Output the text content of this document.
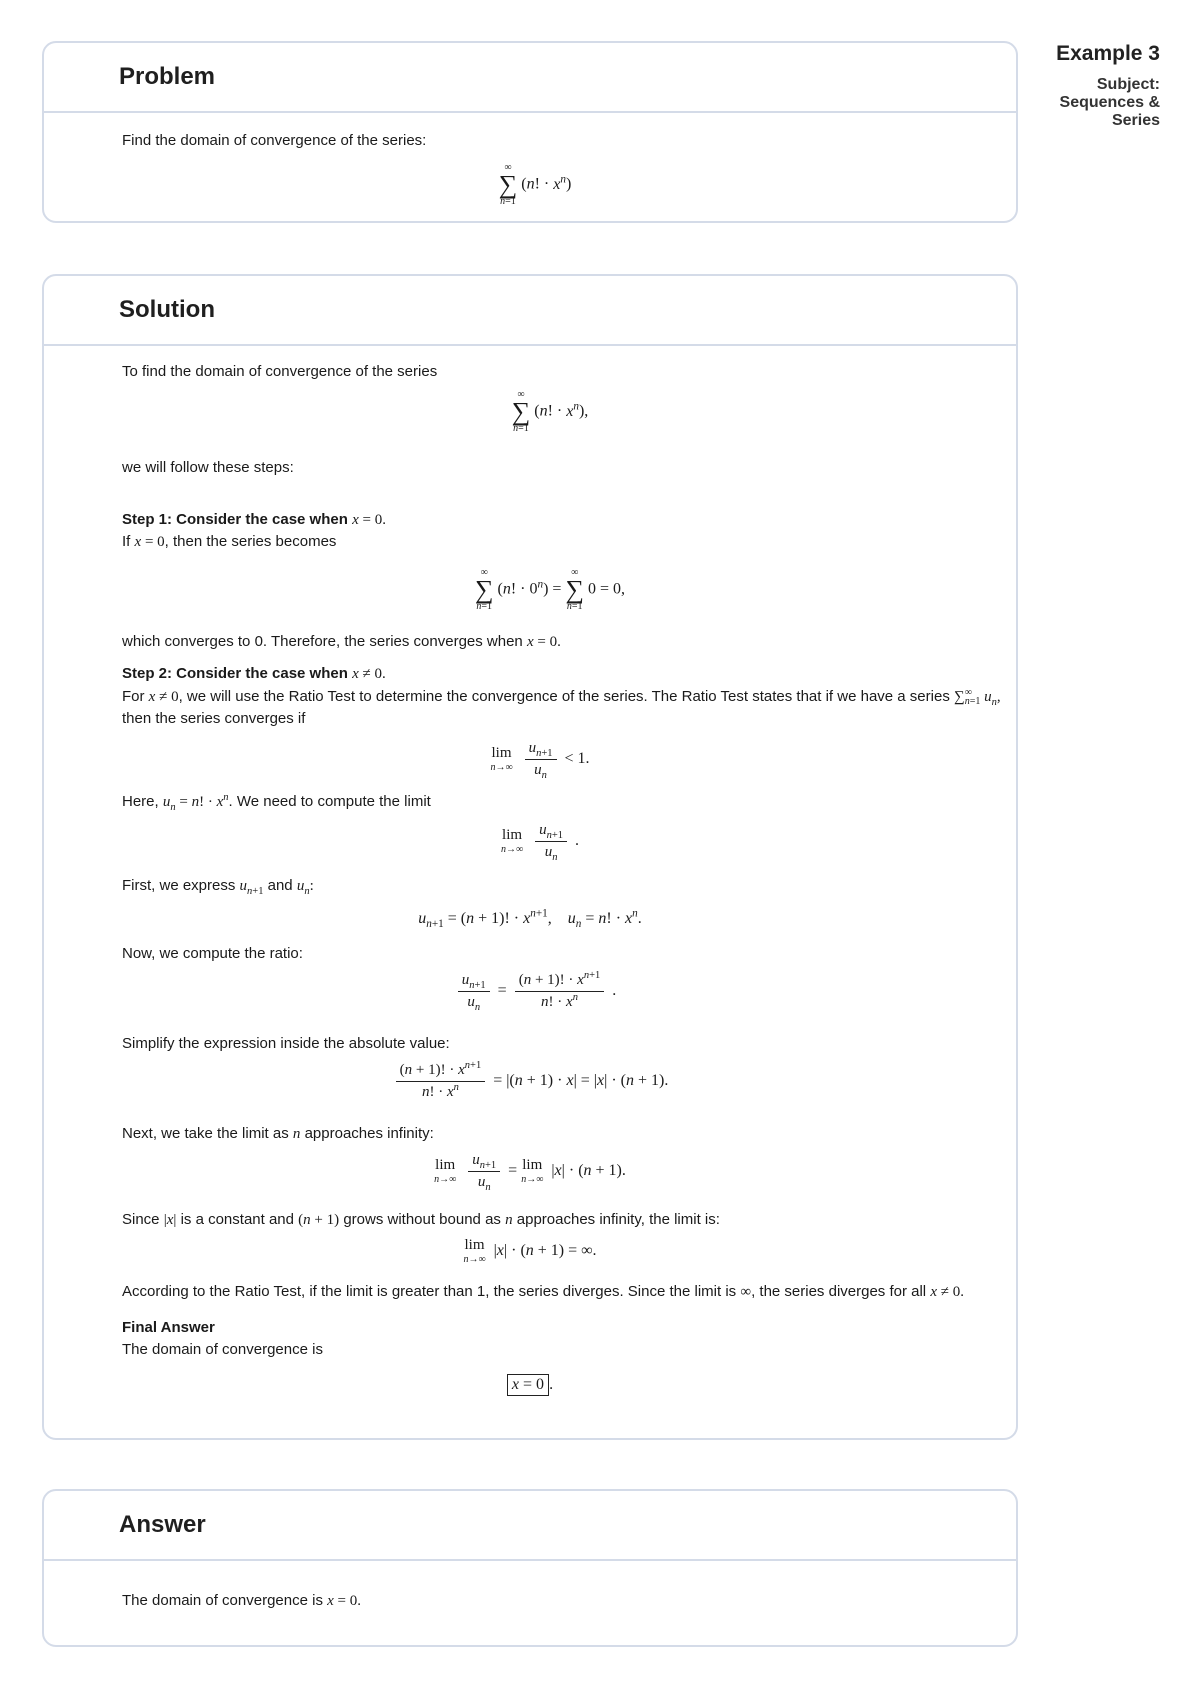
Example 3
Subject:
Sequences &
Series
Problem
Find the domain of convergence of the series:
∞
∑
n=1
(n! · $x^n$)
Solution
To find the domain of convergence of the series
∞
∑
n=1
(n! · $x^n$),
we will follow these steps:
Step 1: Consider the case when x = 0.
If x = 0, then the series becomes
∞
∑
n=1
(n! · $0^n$) =
∞
∑
n=1
0 = 0,
which converges to 0. Therefore, the series converges when x = 0.
Step 2: Consider the case when x ≠ 0.
For x ≠ 0, we will use the Ratio Test to determine the convergence of the series. The Ratio Test states that if we have a series ∑ ∞
n=1 $u_n$,
then the series converges if
lim
n→∞
$\frac{u_{n+1}}{u_n} < 1$.
Here, $u_n = n$! · $x^n$. We need to compute the limit
lim
n→∞
$\frac{u_{n+1}}{u_n}$ .
First, we express $u_{n+1}$ and $u_n$:
$u_{n+1} = (n + 1)$! · $x^{n+1}$,    $u_n = n$! · $x^n$.
Now, we compute the ratio:
$\frac{u_{n+1}}{u_n} = \frac{(n + 1)! \cdot x^{n+1}}{n! \cdot x^n}$ .
Simplify the expression inside the absolute value:
$\frac{(n + 1)! \cdot x^{n+1}}{n! \cdot x^n} = |(n + 1) \cdot x| = |x| \cdot (n + 1)$.
Next, we take the limit as n approaches infinity:
lim
n→∞
$\frac{u_{n+1}}{u_n} = \lim$
n→∞
|x| · (n + 1).
Since |x| is a constant and (n + 1) grows without bound as n approaches infinity, the limit is:
lim
n→∞
|x| · (n + 1) = ∞.
According to the Ratio Test, if the limit is greater than 1, the series diverges. Since the limit is ∞, the series diverges for all x ≠ 0.
Final Answer
The domain of convergence is
x = 0 .
Answer
The domain of convergence is x = 0.
